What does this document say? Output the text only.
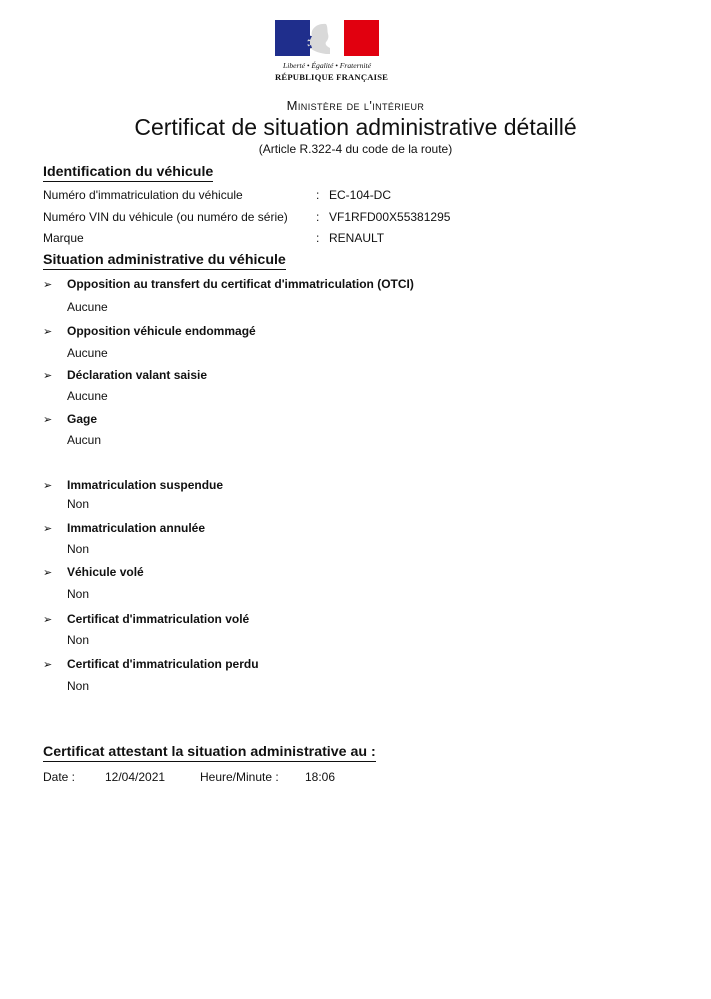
Liberté • Égalité • Fraternité
RÉPUBLIQUE FRANÇAISE
Ministère de l'intérieur
Certificat de situation administrative détaillé
(Article R.322-4 du code de la route)
Identification du véhicule
Numéro d'immatriculation du véhicule	: EC-104-DC
Numéro VIN du véhicule (ou numéro de série) : VF1RFD00X55381295
Marque	: RENAULT
Situation administrative du véhicule
➢ Opposition au transfert du certificat d'immatriculation (OTCI)
Aucune
➢ Opposition véhicule endommagé
Aucune
➢ Déclaration valant saisie
Aucune
➢ Gage
Aucun
➢ Immatriculation suspendue
Non
➢ Immatriculation annulée
Non
➢ Véhicule volé
Non
➢ Certificat d'immatriculation volé
Non
➢ Certificat d'immatriculation perdu
Non
Certificat attestant la situation administrative au :
Date : 12/04/2021	Heure/Minute : 18:06
